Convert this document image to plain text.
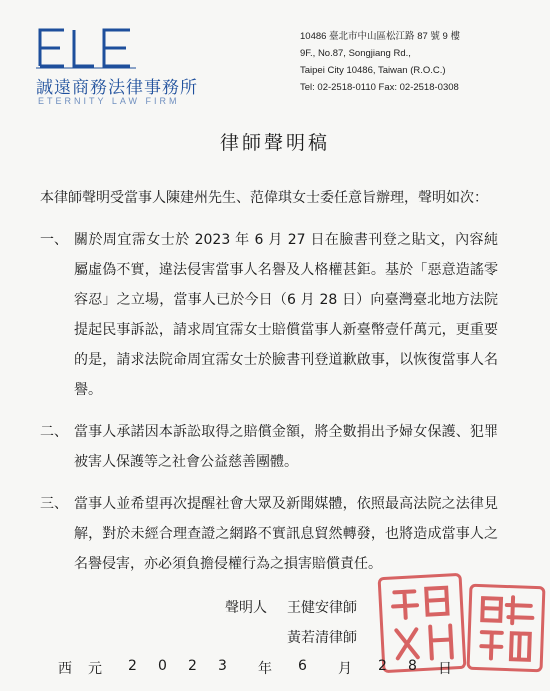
誠遠商務法律事務所
ETERNITY LAW FIRM
10486 臺北市中山區松江路 87 號 9 樓
9F., No.87, Songjiang Rd.,
Taipei City 10486, Taiwan (R.O.C.)
Tel: 02-2518-0110 Fax: 02-2518-0308
律師聲明稿

本律師聲明受當事人陳建州先生、范偉琪女士委任意旨辦理，聲明如次：

一、 關於周宜霈女士於 2023 年 6 月 27 日在臉書刊登之貼文，內容純屬虛偽不實，違法侵害當事人名譽及人格權甚鉅。基於「惡意造謠零容忍」之立場，當事人已於今日（6 月 28 日）向臺灣臺北地方法院提起民事訴訟，請求周宜霈女士賠償當事人新臺幣壹仟萬元，更重要的是，請求法院命周宜霈女士於臉書刊登道歉啟事，以恢復當事人名譽。
二、 當事人承諾因本訴訟取得之賠償金額，將全數捐出予婦女保護、犯罪被害人保護等之社會公益慈善團體。
三、 當事人並希望再次提醒社會大眾及新聞媒體，依照最高法院之法律見解，對於未經合理查證之網路不實訊息貿然轉發，也將造成當事人之名譽侵害，亦必須負擔侵權行為之損害賠償責任。
聲明人	王健安律師
黃若清律師
西 元 2 0 2 3 年 6 月 2 8 日
